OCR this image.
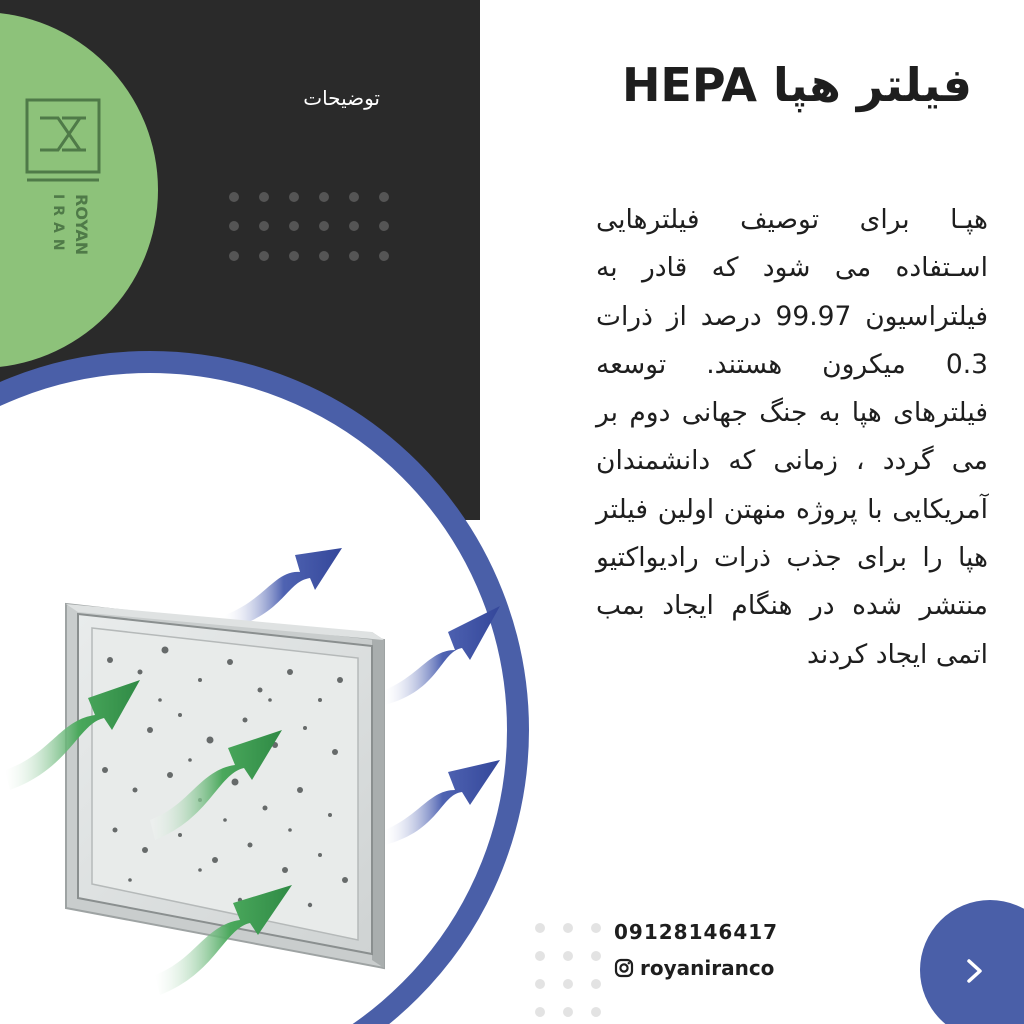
فیلتر هپا HEPA
توضیحات

هپـا برای توصیف فیلترهایی اسـتفاده می شود که قادر به فیلتراسیون 99.97 درصد از ذرات 0.3 میکرون هستند. توسعه فیلترهای هپا به جنگ جهانی دوم بر می گردد ، زمانی که دانشمندان آمریکایی با پروژه منهتن اولین فیلتر هپا را برای جذب ذرات رادیواکتیو منتشر شده در هنگام ایجاد بمب اتمی ایجاد کردند

ROYAN
IRAN
09128146417
royaniranco
